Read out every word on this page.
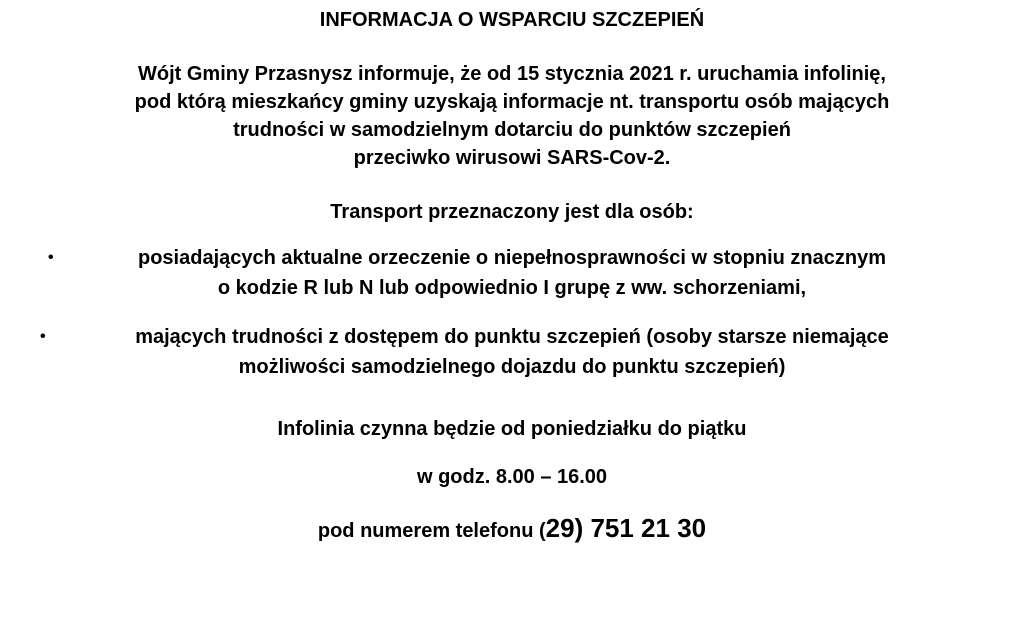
INFORMACJA O WSPARCIU SZCZEPIEŃ
Wójt Gminy Przasnysz informuje, że od 15 stycznia 2021 r. uruchamia infolinię,
pod którą mieszkańcy gminy uzyskają informacje nt. transportu osób mających
trudności w samodzielnym dotarciu do punktów szczepień
przeciwko wirusowi SARS-Cov-2.
Transport przeznaczony jest dla osób:
•	posiadających aktualne orzeczenie o niepełnosprawności w stopniu znacznym
o kodzie R lub N lub odpowiednio I grupę z ww. schorzeniami,
•	mających trudności z dostępem do punktu szczepień (osoby starsze niemające
możliwości samodzielnego dojazdu do punktu szczepień)
Infolinia czynna będzie od poniedziałku do piątku
w godz. 8.00 – 16.00
pod numerem telefonu (29) 751 21 30
